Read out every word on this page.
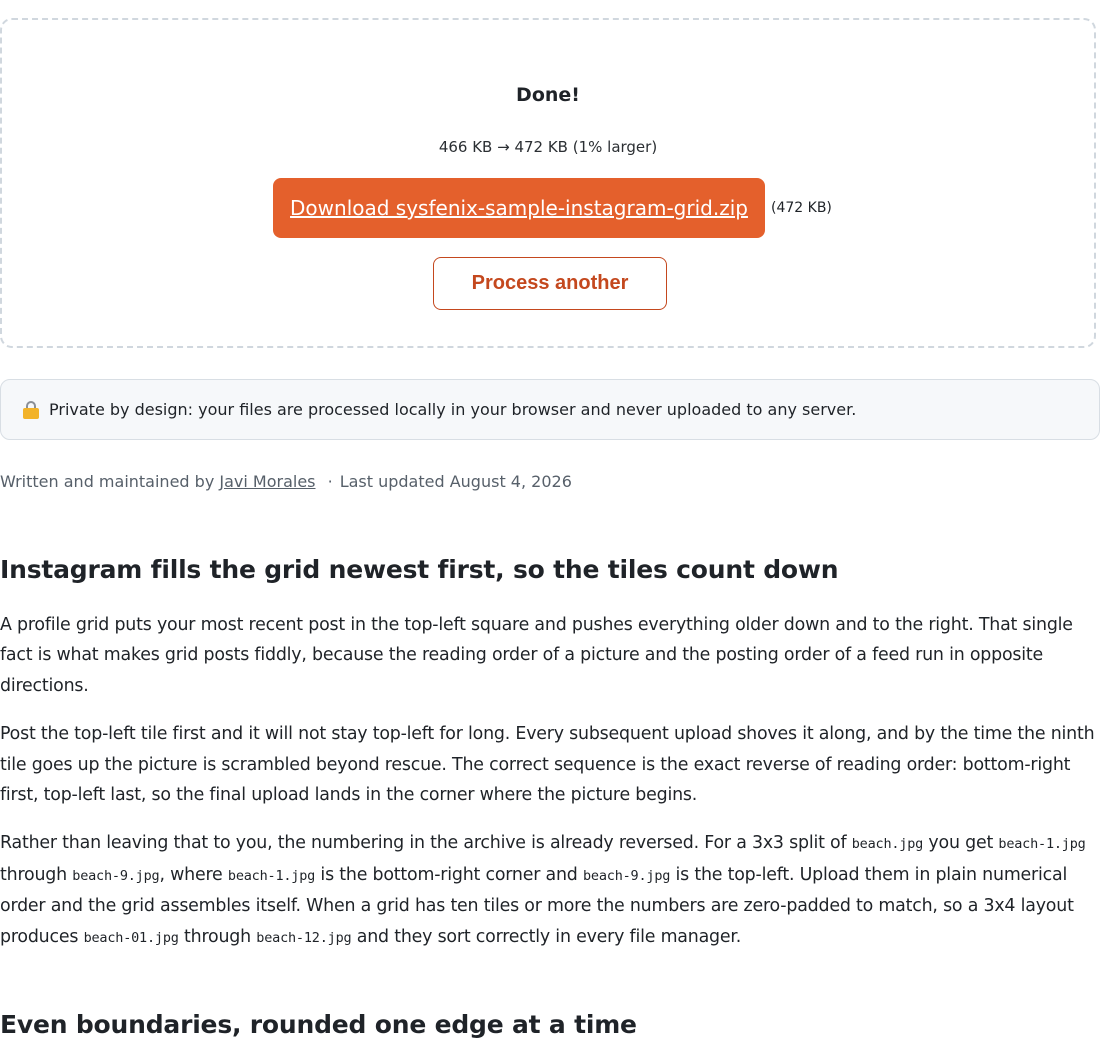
Done!
466 KB → 472 KB (1% larger)
Download sysfenix-sample-instagram-grid.zip	(472 KB)
Process another
Private by design: your files are processed locally in your browser and never uploaded to any server.
Written and maintained by Javi Morales · Last updated August 4, 2026
Instagram fills the grid newest first, so the tiles count down

A profile grid puts your most recent post in the top-left square and pushes everything older down and to the right. That single fact is what makes grid posts fiddly, because the reading order of a picture and the posting order of a feed run in opposite directions.

Post the top-left tile first and it will not stay top-left for long. Every subsequent upload shoves it along, and by the time the ninth tile goes up the picture is scrambled beyond rescue. The correct sequence is the exact reverse of reading order: bottom-right first, top-left last, so the final upload lands in the corner where the picture begins.

Rather than leaving that to you, the numbering in the archive is already reversed. For a 3x3 split of beach.jpg you get beach-1.jpg
through beach-9.jpg, where beach-1.jpg is the bottom-right corner and beach-9.jpg is the top-left. Upload them in plain numerical order and the grid assembles itself. When a grid has ten tiles or more the numbers are zero-padded to match, so a 3x4 layout produces beach-01.jpg through beach-12.jpg and they sort correctly in every file manager.

Even boundaries, rounded one edge at a time
